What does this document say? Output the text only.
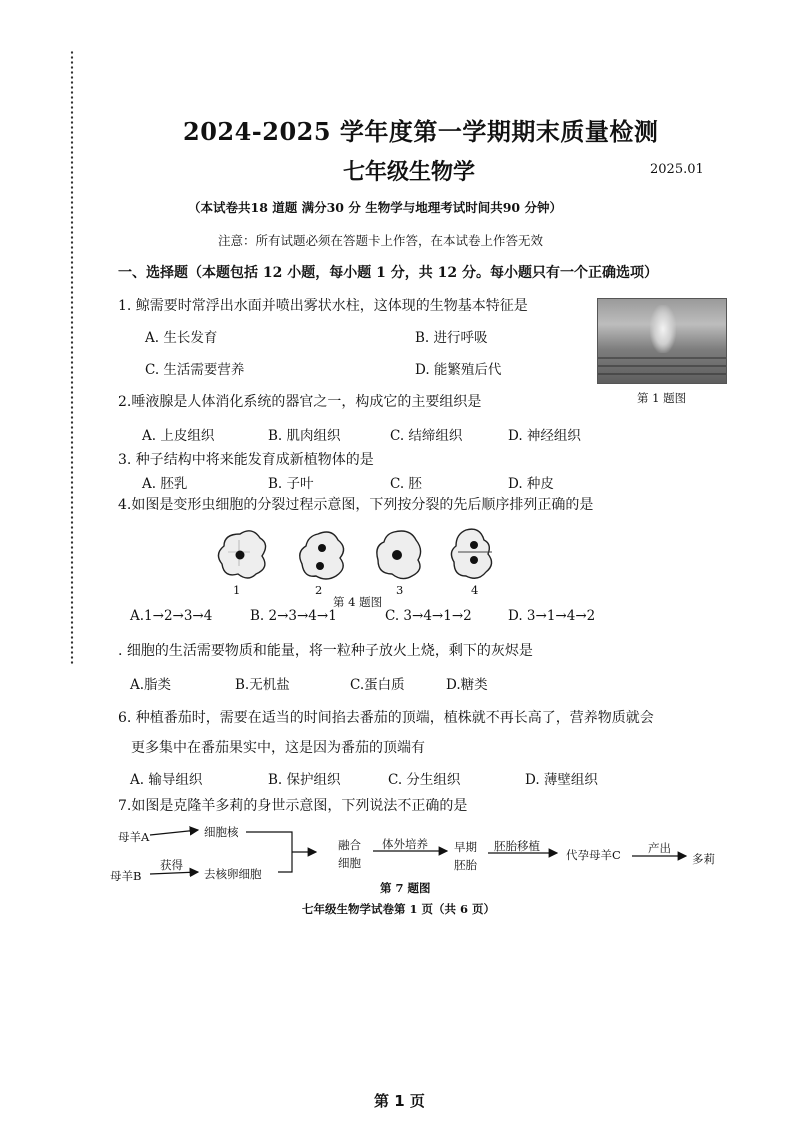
2024-2025 学年度第一学期期末质量检测
七年级生物学	2025.01
（本试卷共18 道题 满分30 分 生物学与地理考试时间共90 分钟）
注意：所有试题必须在答题卡上作答，在本试卷上作答无效
一、选择题（本题包括 12 小题，每小题 1 分，共 12 分。每小题只有一个正确选项）
1. 鲸需要时常浮出水面并喷出雾状水柱，这体现的生物基本特征是
A. 生长发育	B. 进行呼吸
C. 生活需要营养	D. 能繁殖后代
第 1 题图
2.唾液腺是人体消化系统的器官之一，构成它的主要组织是
A. 上皮组织	B. 肌肉组织	C. 结缔组织	D. 神经组织
3. 种子结构中将来能发育成新植物体的是
A. 胚乳	B. 子叶	C. 胚	D. 种皮
4.如图是变形虫细胞的分裂过程示意图，下列按分裂的先后顺序排列正确的是
1	2	3	4
第 4 题图
A.1→2→3→4	B. 2→3→4→1	C. 3→4→1→2	D. 3→1→4→2
. 细胞的生活需要物质和能量，将一粒种子放火上烧，剩下的灰烬是
A.脂类	B.无机盐	C.蛋白质	D.糖类
6. 种植番茄时，需要在适当的时间掐去番茄的顶端，植株就不再长高了，营养物质就会
更多集中在番茄果实中，这是因为番茄的顶端有
A. 输导组织	B. 保护组织	C. 分生组织	D. 薄壁组织
7.如图是克隆羊多莉的身世示意图，下列说法不正确的是
母羊A	细胞核
母羊B
获得
去核卵细胞
融合
细胞
体外培养 早期
胚胎
胚胎移植
代孕母羊C 产出
多莉
第 7 题图
七年级生物学试卷第 1 页（共 6 页）
第 1 页
